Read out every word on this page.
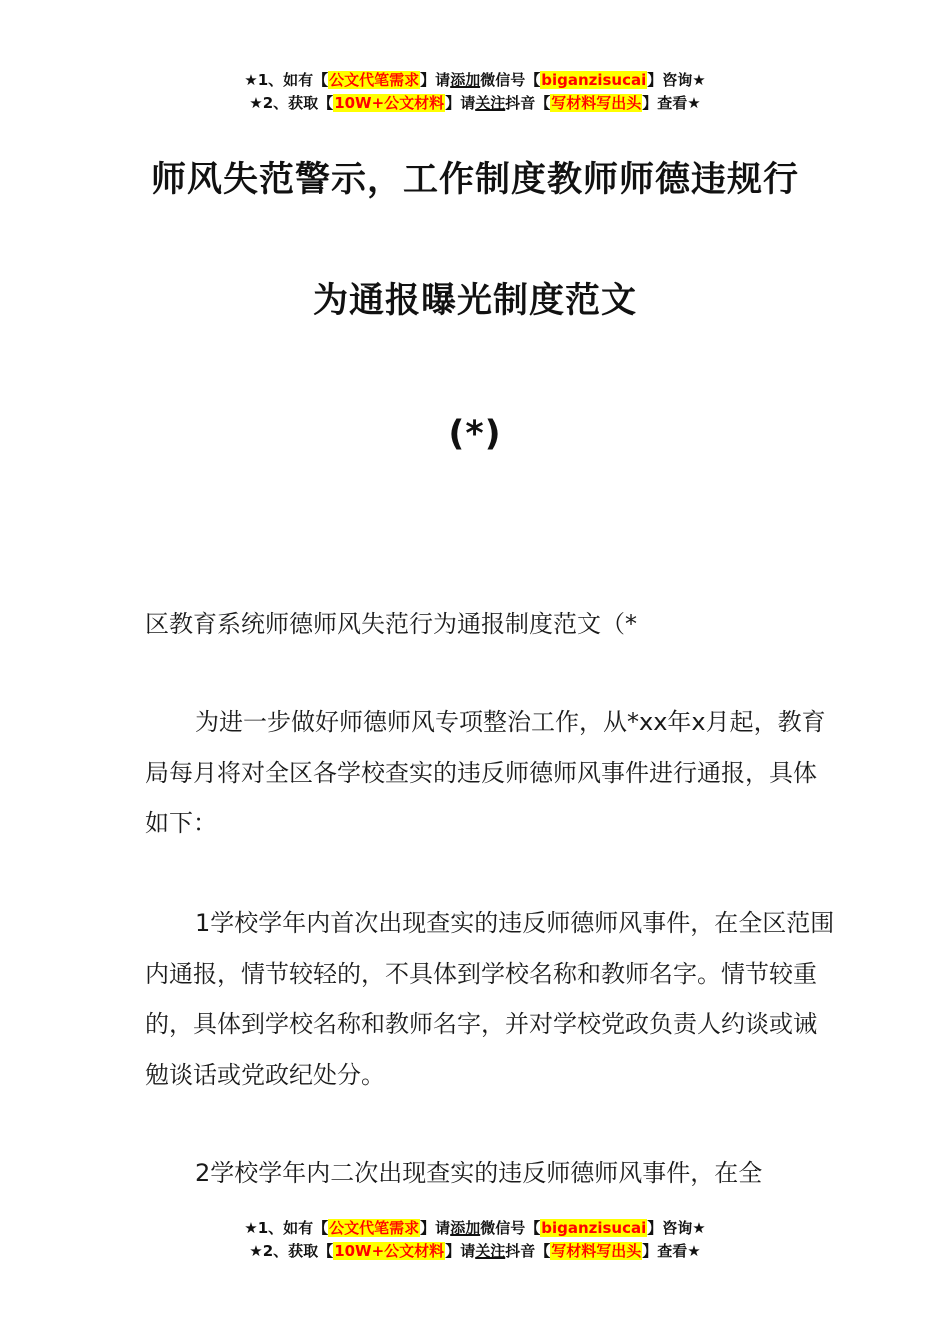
★1、如有【公文代笔需求】请添加微信号【biganzisucai】咨询★
★2、获取【10W+公文材料】请关注抖音【写材料写出头】查看★
师风失范警示，工作制度教师师德违规行
为通报曝光制度范文
(*)

区教育系统师德师风失范行为通报制度范文（*

为进一步做好师德师风专项整治工作，从*xx年x月起，教育局每月将对全区各学校查实的违反师德师风事件进行通报，具体如下：

1学校学年内首次出现查实的违反师德师风事件，在全区范围内通报，情节较轻的，不具体到学校名称和教师名字。情节较重的，具体到学校名称和教师名字，并对学校党政负责人约谈或诫勉谈话或党政纪处分。

2学校学年内二次出现查实的违反师德师风事件，在全

★1、如有【公文代笔需求】请添加微信号【biganzisucai】咨询★
★2、获取【10W+公文材料】请关注抖音【写材料写出头】查看★
